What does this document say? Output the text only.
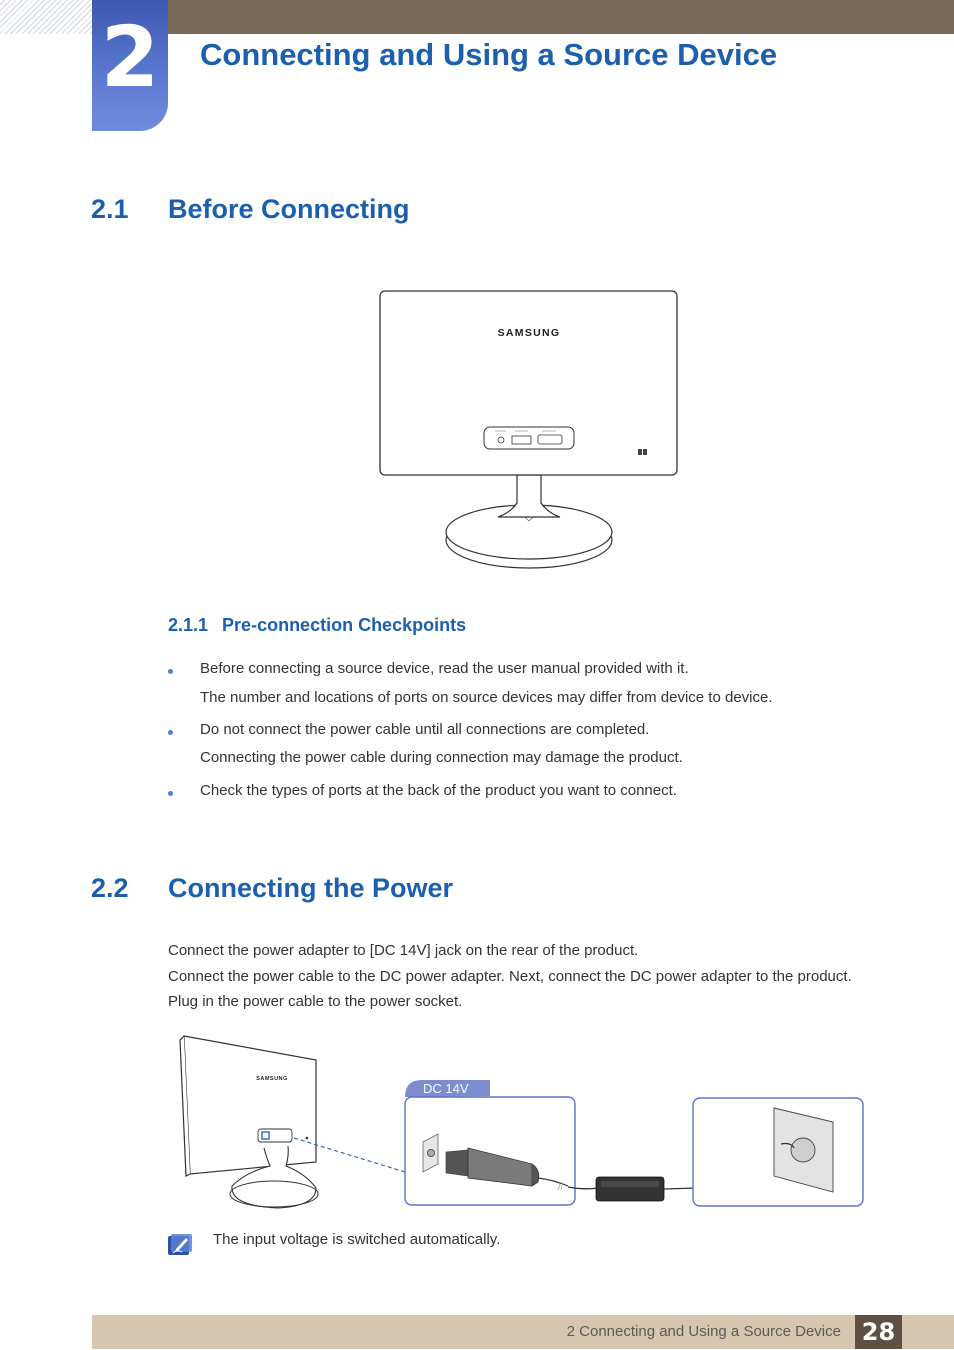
2 Connecting and Using a Source Device
2.1 Before Connecting
SAMSUNG
2.1.1 Pre-connection Checkpoints
Before connecting a source device, read the user manual provided with it.
The number and locations of ports on source devices may differ from device to device.
Do not connect the power cable until all connections are completed.
Connecting the power cable during connection may damage the product.
Check the types of ports at the back of the product you want to connect.
2.2 Connecting the Power

Connect the power adapter to [DC 14V] jack on the rear of the product.

Connect the power cable to the DC power adapter. Next, connect the DC power adapter to the product.

Plug in the power cable to the power socket.

SAMSUNG
DC 14V
//

The input voltage is switched automatically.

2 Connecting and Using a Source Device 28
